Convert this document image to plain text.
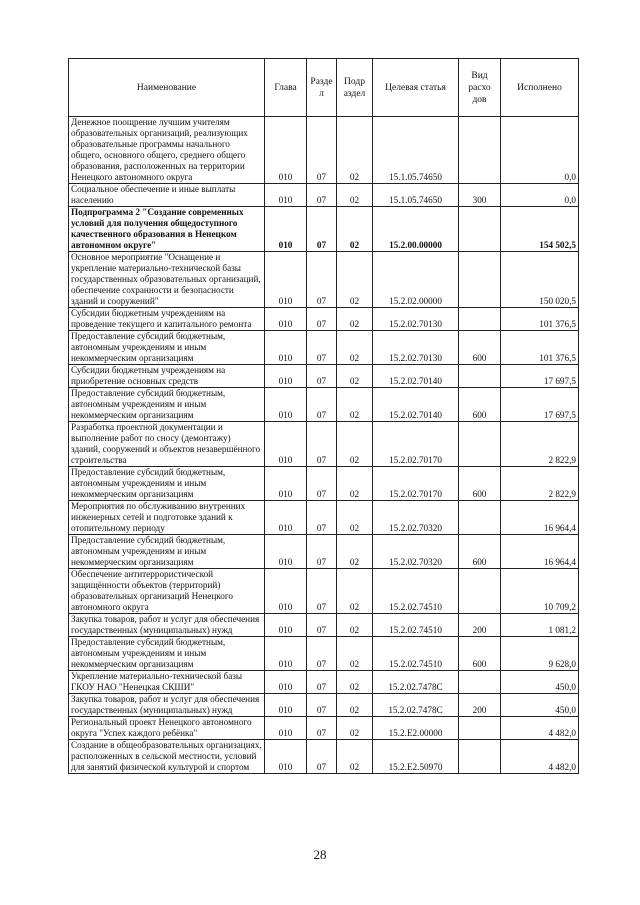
Наименование	Глава	Разде л	Подр аздел	Целевая статья	Вид расхо дов	Исполнено
Денежное поощрение лучшим учителям образовательных организаций, реализующих образовательные программы начального общего, основного общего, среднего общего образования, расположенных на территории Ненецкого автономного округа	010	07	02	15.1.05.74650		0,0
Социальное обеспечение и иные выплаты населению	010	07	02	15.1.05.74650	300	0,0
Подпрограмма 2 "Создание современных условий для получения общедоступного качественного образования в Ненецком автономном округе"	010	07	02	15.2.00.00000		154 502,5
Основное мероприятие "Оснащение и укрепление материально-технической базы государственных образовательных организаций, обеспечение сохранности и безопасности зданий и сооружений"	010	07	02	15.2.02.00000		150 020,5
Субсидии бюджетным учреждениям на проведение текущего и капитального ремонта	010	07	02	15.2.02.70130		101 376,5
Предоставление субсидий бюджетным, автономным учреждениям и иным некоммерческим организациям	010	07	02	15.2.02.70130	600	101 376,5
Субсидии бюджетным учреждениям на приобретение основных средств	010	07	02	15.2.02.70140		17 697,5
Предоставление субсидий бюджетным, автономным учреждениям и иным некоммерческим организациям	010	07	02	15.2.02.70140	600	17 697,5
Разработка проектной документации и выполнение работ по сносу (демонтажу) зданий, сооружений и объектов незавершённого строительства	010	07	02	15.2.02.70170		2 822,9
Предоставление субсидий бюджетным, автономным учреждениям и иным некоммерческим организациям	010	07	02	15.2.02.70170	600	2 822,9
Мероприятия по обслуживанию внутренних инженерных сетей и подготовке зданий к отопительному периоду	010	07	02	15.2.02.70320		16 964,4
Предоставление субсидий бюджетным, автономным учреждениям и иным некоммерческим организациям	010	07	02	15.2.02.70320	600	16 964,4
Обеспечение антитеррористической защищённости объектов (территорий) образовательных организаций Ненецкого автономного округа	010	07	02	15.2.02.74510		10 709,2
Закупка товаров, работ и услуг для обеспечения государственных (муниципальных) нужд	010	07	02	15.2.02.74510	200	1 081,2
Предоставление субсидий бюджетным, автономным учреждениям и иным некоммерческим организациям	010	07	02	15.2.02.74510	600	9 628,0
Укрепление материально-технической базы ГКОУ НАО "Ненецкая СКШИ"	010	07	02	15.2.02.7478С		450,0
Закупка товаров, работ и услуг для обеспечения государственных (муниципальных) нужд	010	07	02	15.2.02.7478С	200	450,0
Региональный проект Ненецкого автономного округа "Успех каждого ребёнка"	010	07	02	15.2.Е2.00000		4 482,0
Создание в общеобразовательных организациях, расположенных в сельской местности, условий для занятий физической культурой и спортом	010	07	02	15.2.Е2.50970		4 482,0
28
